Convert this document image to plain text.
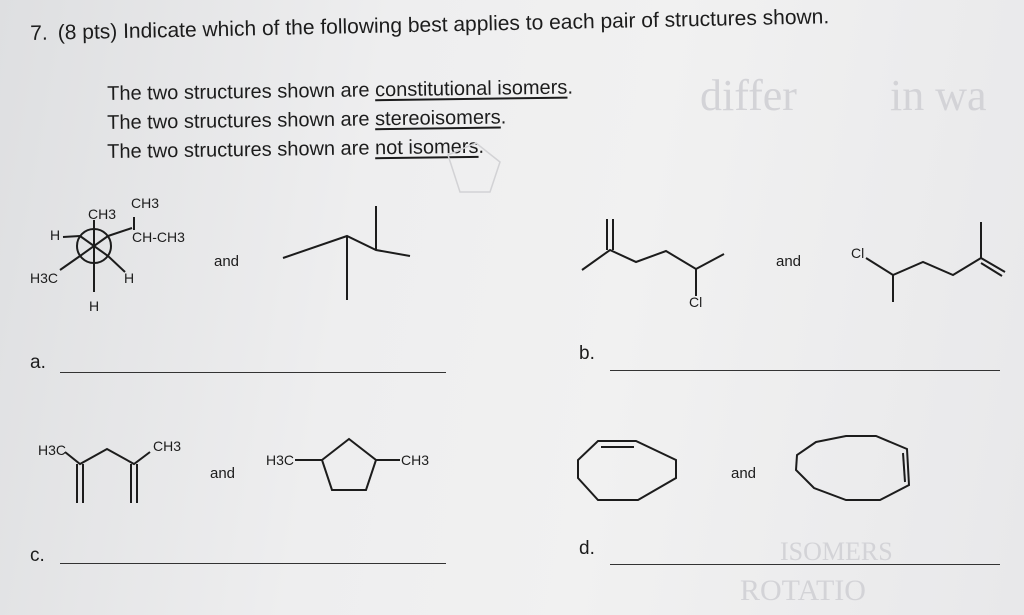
7. (8 pts) Indicate which of the following best applies to each pair of structures shown.
The two structures shown are constitutional isomers.
The two structures shown are stereoisomers.
The two structures shown are not isomers.
differ in wa
ROTATIO
ISOMERS
CH3
CH3
CH-CH3
H
H
H3C
H
and
Cl
and	Cl
H3C	CH3
and
H3C	CH3
and
a.	b.
c.	d.
